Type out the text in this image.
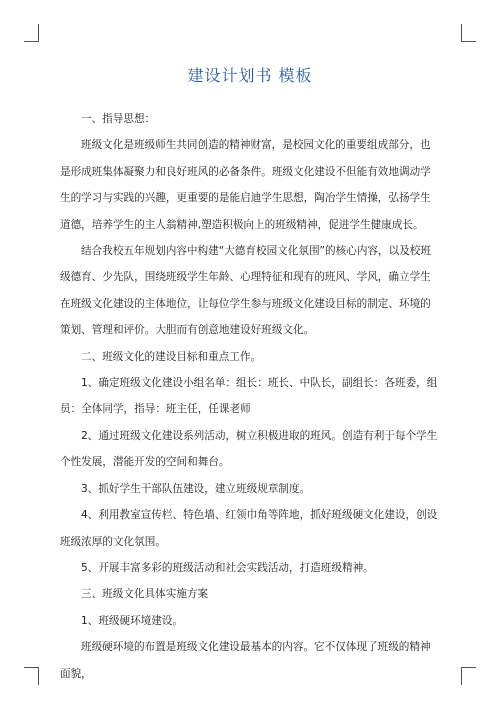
建设计划书 模板

一、指导思想：

班级文化是班级师生共同创造的精神财富，是校园文化的重要组成部分，也是形成班集体凝聚力和良好班风的必备条件。班级文化建设不但能有效地调动学生的学习与实践的兴趣，更重要的是能启迪学生思想，陶冶学生情操，弘扬学生道德，培养学生的主人翁精神,塑造积极向上的班级精神，促进学生健康成长。

结合我校五年规划内容中构建“大德育校园文化氛围”的核心内容，以及校班级德育、少先队，围绕班级学生年龄、心理特征和现有的班风、学风，确立学生在班级文化建设的主体地位，让每位学生参与班级文化建设目标的制定、环境的策划、管理和评价。大胆而有创意地建设好班级文化。

二、班级文化的建设目标和重点工作。

1、确定班级文化建设小组名单：组长：班长、中队长，副组长：各班委，组员：全体同学，指导：班主任，任课老师

2、通过班级文化建设系列活动，树立积极进取的班风。创造有利于每个学生个性发展，潜能开发的空间和舞台。

3、抓好学生干部队伍建设，建立班级规章制度。

4、利用教室宣传栏、特色墙、红领巾角等阵地，抓好班级硬文化建设，创设班级浓厚的文化氛围。

5、开展丰富多彩的班级活动和社会实践活动，打造班级精神。

三、班级文化具体实施方案

1、班级硬环境建设。

班级硬环境的布置是班级文化建设最基本的内容。它不仅体现了班级的精神面貌，
